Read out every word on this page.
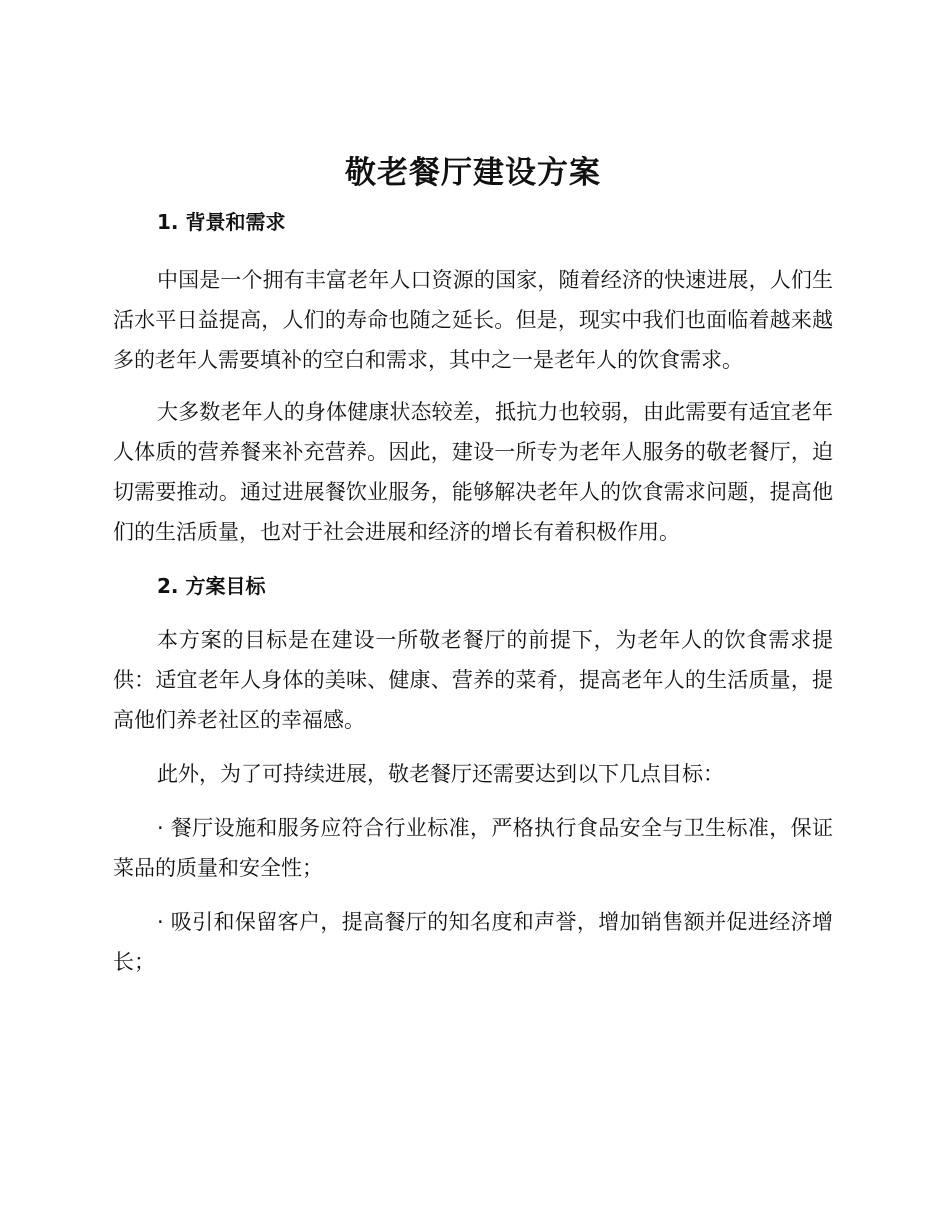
敬老餐厅建设方案
1. 背景和需求

中国是一个拥有丰富老年人口资源的国家，随着经济的快速进展，人们生活水平日益提高，人们的寿命也随之延长。但是，现实中我们也面临着越来越多的老年人需要填补的空白和需求，其中之一是老年人的饮食需求。

大多数老年人的身体健康状态较差，抵抗力也较弱，由此需要有适宜老年人体质的营养餐来补充营养。因此，建设一所专为老年人服务的敬老餐厅，迫切需要推动。通过进展餐饮业服务，能够解决老年人的饮食需求问题，提高他们的生活质量，也对于社会进展和经济的增长有着积极作用。

2. 方案目标

本方案的目标是在建设一所敬老餐厅的前提下，为老年人的饮食需求提供：适宜老年人身体的美味、健康、营养的菜肴，提高老年人的生活质量，提高他们养老社区的幸福感。

此外，为了可持续进展，敬老餐厅还需要达到以下几点目标：

· 餐厅设施和服务应符合行业标准，严格执行食品安全与卫生标准，保证菜品的质量和安全性；

· 吸引和保留客户，提高餐厅的知名度和声誉，增加销售额并促进经济增长；
